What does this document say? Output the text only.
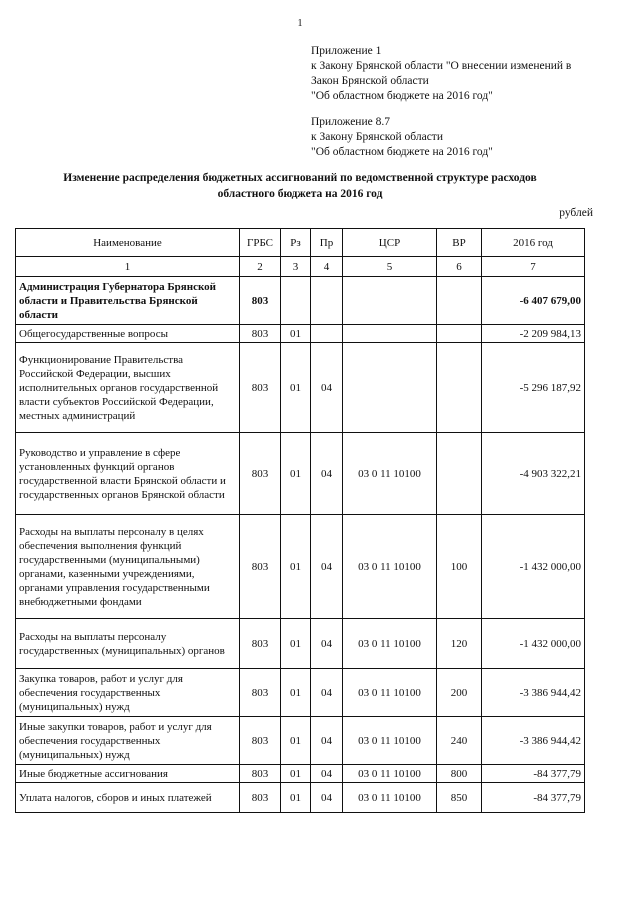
1
Приложение 1
к Закону Брянской области "О внесении изменений в
Закон Брянской области
"Об областном бюджете на 2016 год"
Приложение 8.7
к Закону Брянской области
"Об областном бюджете на 2016 год"
Изменение распределения бюджетных ассигнований по ведомственной структуре расходов
областного бюджета на 2016 год
рублей
Наименование	ГРБС	Рз	Пр	ЦСР	ВР	2016 год
1	2	3	4	5	6	7
Администрация Губернатора Брянской области и Правительства Брянской области	803					-6 407 679,00
Общегосударственные вопросы	803	01				-2 209 984,13
Функционирование Правительства Российской Федерации, высших исполнительных органов государственной власти субъектов Российской Федерации, местных администраций	803	01	04			-5 296 187,92
Руководство и управление в сфере установленных функций органов государственной власти Брянской области и государственных органов Брянской области	803	01	04	03 0 11 10100		-4 903 322,21
Расходы на выплаты персоналу в целях обеспечения выполнения функций государственными (муниципальными) органами, казенными учреждениями, органами управления государственными внебюджетными фондами	803	01	04	03 0 11 10100	100	-1 432 000,00
Расходы на выплаты персоналу государственных (муниципальных) органов	803	01	04	03 0 11 10100	120	-1 432 000,00
Закупка товаров, работ и услуг для обеспечения государственных (муниципальных) нужд	803	01	04	03 0 11 10100	200	-3 386 944,42
Иные закупки товаров, работ и услуг для обеспечения государственных (муниципальных) нужд	803	01	04	03 0 11 10100	240	-3 386 944,42
Иные бюджетные ассигнования	803	01	04	03 0 11 10100	800	-84 377,79
Уплата налогов, сборов и иных платежей	803	01	04	03 0 11 10100	850	-84 377,79
